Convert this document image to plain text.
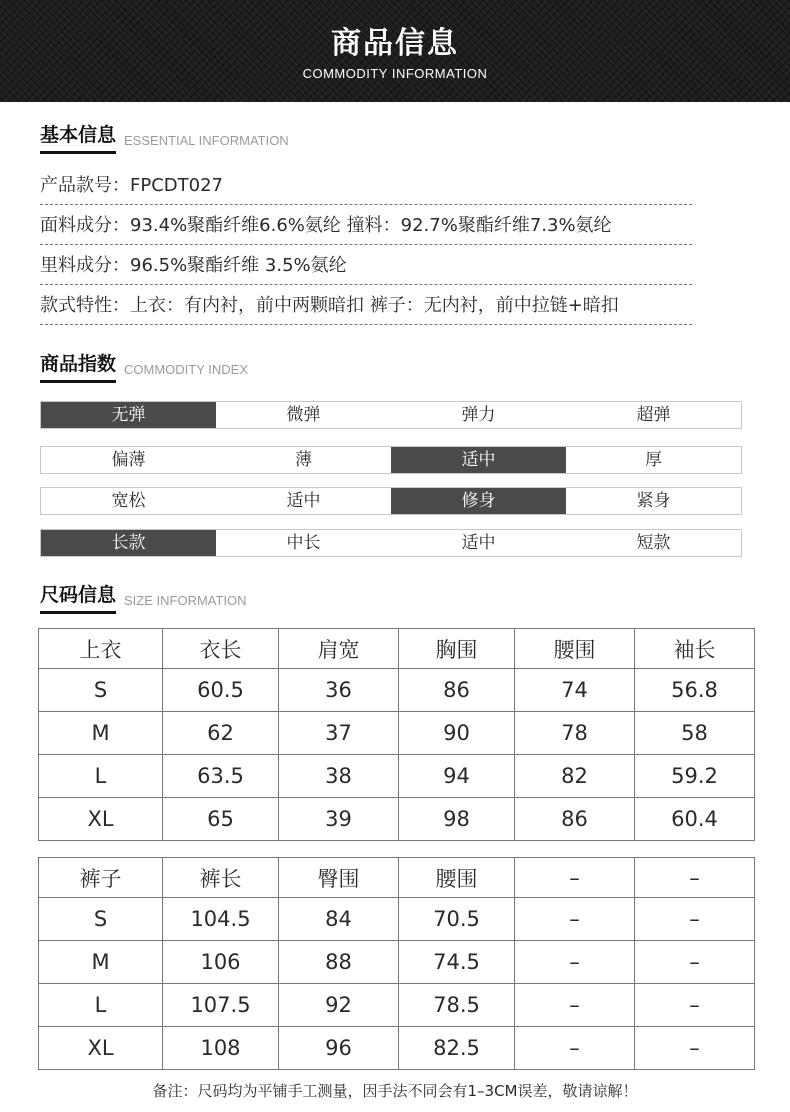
商品信息
COMMODITY INFORMATION
基本信息 ESSENTIAL INFORMATION
产品款号：FPCDT027
面料成分：93.4%聚酯纤维6.6%氨纶 撞料：92.7%聚酯纤维7.3%氨纶
里料成分：96.5%聚酯纤维 3.5%氨纶
款式特性：上衣：有内衬，前中两颗暗扣 裤子：无内衬，前中拉链+暗扣
商品指数 COMMODITY INDEX
无弹	微弹	弹力	超弹
偏薄	薄	适中	厚
宽松	适中	修身	紧身
长款	中长	适中	短款
尺码信息 SIZE INFORMATION
上衣	衣长	肩宽	胸围	腰围	袖长
S	60.5	36	86	74	56.8
M	62	37	90	78	58
L	63.5	38	94	82	59.2
XL	65	39	98	86	60.4
裤子	裤长	臀围	腰围	–	–
S	104.5	84	70.5	–	–
M	106	88	74.5	–	–
L	107.5	92	78.5	–	–
XL	108	96	82.5	–	–
备注：尺码均为平铺手工测量，因手法不同会有1–3CM误差，敬请谅解！
